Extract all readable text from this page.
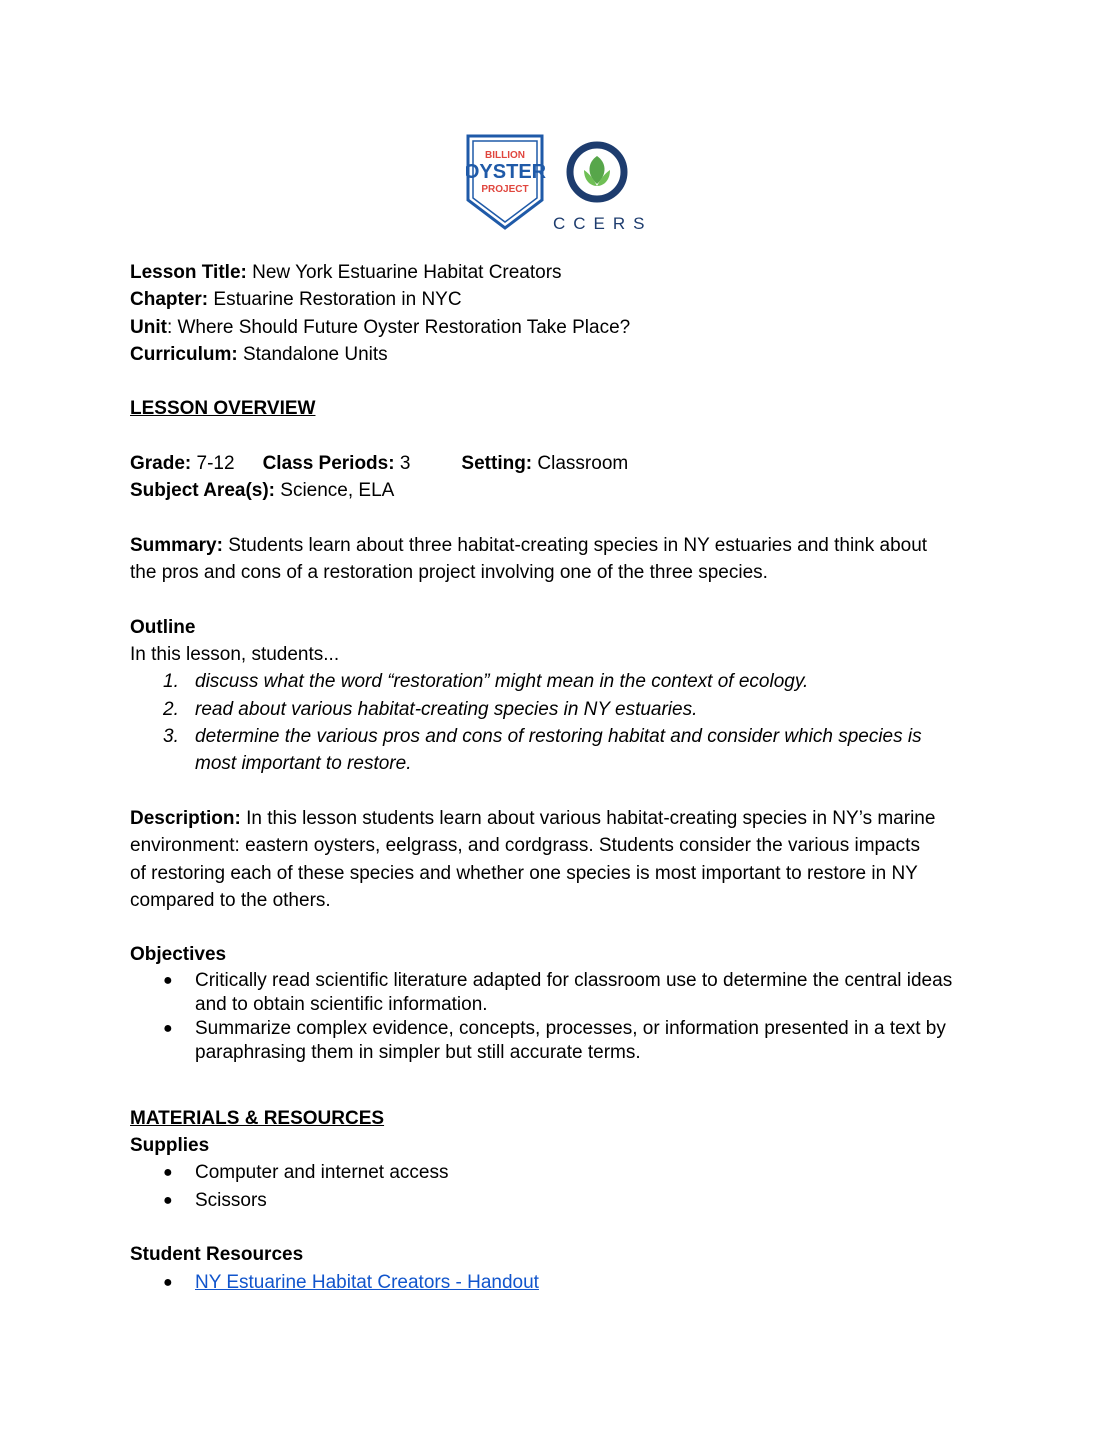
BILLION
OYSTER
PROJECT
CCERS
Lesson Title: New York Estuarine Habitat Creators
Chapter: Estuarine Restoration in NYC
Unit: Where Should Future Oyster Restoration Take Place?
Curriculum: Standalone Units
LESSON OVERVIEW
Grade: 7-12 Class Periods: 3	Setting: Classroom
Subject Area(s): Science, ELA
Summary: Students learn about three habitat-creating species in NY estuaries and think about
the pros and cons of a restoration project involving one of the three species.
Outline
In this lesson, students...
1. discuss what the word “restoration” might mean in the context of ecology.
2. read about various habitat-creating species in NY estuaries.
3. determine the various pros and cons of restoring habitat and consider which species is
most important to restore.
Description: In this lesson students learn about various habitat-creating species in NY’s marine
environment: eastern oysters, eelgrass, and cordgrass. Students consider the various impacts
of restoring each of these species and whether one species is most important to restore in NY
compared to the others.
Objectives
● Critically read scientific literature adapted for classroom use to determine the central ideas
and to obtain scientific information.
● Summarize complex evidence, concepts, processes, or information presented in a text by
paraphrasing them in simpler but still accurate terms.
MATERIALS & RESOURCES
Supplies
● Computer and internet access
● Scissors
Student Resources
● NY Estuarine Habitat Creators - Handout
